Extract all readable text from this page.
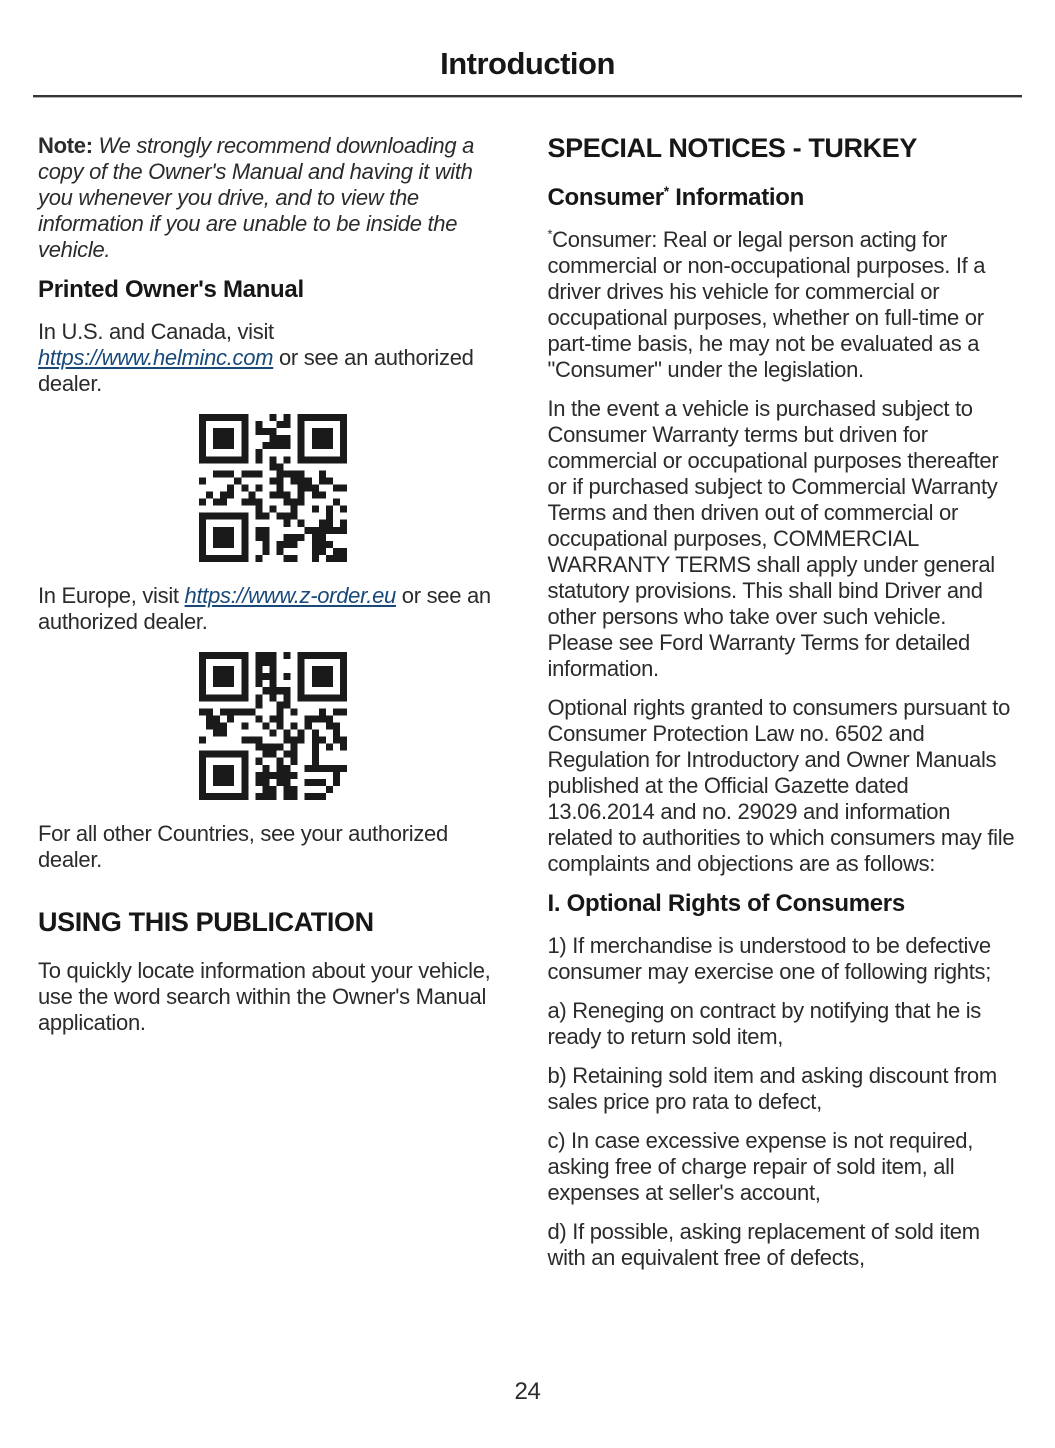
Introduction

Note: We strongly recommend downloading a copy of the Owner's Manual and having it with you whenever you drive, and to view the information if you are unable to be inside the vehicle.

Printed Owner's Manual

In U.S. and Canada, visit https://www.helminc.com or see an authorized dealer.

In Europe, visit https://www.z-order.eu or see an authorized dealer.

For all other Countries, see your authorized dealer.

USING THIS PUBLICATION

To quickly locate information about your vehicle, use the word search within the Owner's Manual application.

SPECIAL NOTICES - TURKEY
Consumer* Information

*Consumer: Real or legal person acting for commercial or non-occupational purposes. If a driver drives his vehicle for commercial or occupational purposes, whether on full-time or part-time basis, he may not be evaluated as a "Consumer" under the legislation.

In the event a vehicle is purchased subject to Consumer Warranty terms but driven for commercial or occupational purposes thereafter or if purchased subject to Commercial Warranty Terms and then driven out of commercial or occupational purposes, COMMERCIAL WARRANTY TERMS shall apply under general statutory provisions. This shall bind Driver and other persons who take over such vehicle. Please see Ford Warranty Terms for detailed information.

Optional rights granted to consumers pursuant to Consumer Protection Law no. 6502 and Regulation for Introductory and Owner Manuals published at the Official Gazette dated 13.06.2014 and no. 29029 and information related to authorities to which consumers may file complaints and objections are as follows:

I. Optional Rights of Consumers

1) If merchandise is understood to be defective consumer may exercise one of following rights;

a) Reneging on contract by notifying that he is ready to return sold item,

b) Retaining sold item and asking discount from sales price pro rata to defect,

c) In case excessive expense is not required, asking free of charge repair of sold item, all expenses at seller's account,

d) If possible, asking replacement of sold item with an equivalent free of defects,

24
